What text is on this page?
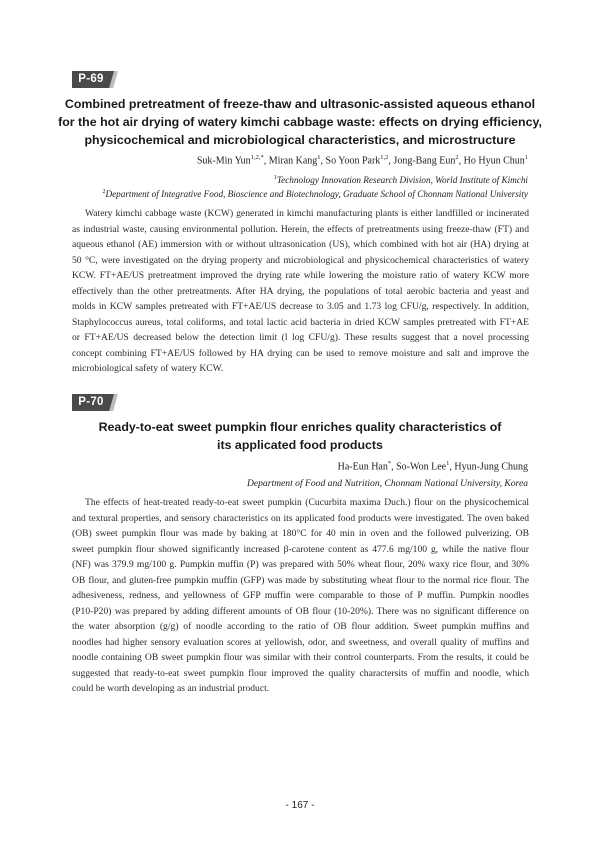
P-69
Combined pretreatment of freeze-thaw and ultrasonic-assisted aqueous ethanol
for the hot air drying of watery kimchi cabbage waste: effects on drying efficiency,
physicochemical and microbiological characteristics, and microstructure
Suk-Min Yun$^{1,2,*}$, Miran Kang$^1$, So Yoon Park$^{1,2}$, Jong-Bang Eun$^2$, Ho Hyun Chun$^1$
$^1$Technology Innovation Research Division, World Institute of Kimchi
$^2$Department of Integrative Food, Bioscience and Biotechnology, Graduate School of Chonnam National University
Watery kimchi cabbage waste (KCW) generated in kimchi manufacturing plants is either landfilled or incinerated
as industrial waste, causing environmental pollution. Herein, the effects of pretreatments using freeze-thaw (FT) and
aqueous ethanol (AE) immersion with or without ultrasonication (US), which combined with hot air (HA) drying at
50 °C, were investigated on the drying property and microbiological and physicochemical characteristics of watery
KCW. FT+AE/US pretreatment improved the drying rate while lowering the moisture ratio of watery KCW more
effectively than the other pretreatments. After HA drying, the populations of total aerobic bacteria and yeast and
molds in KCW samples pretreated with FT+AE/US decrease to 3.05 and 1.73 log CFU/g, respectively. In addition,
Staphylococcus aureus, total coliforms, and total lactic acid bacteria in dried KCW samples pretreated with FT+AE
or FT+AE/US decreased below the detection limit (l log CFU/g). These results suggest that a novel processing
concept combining FT+AE/US followed by HA drying can be used to remove moisture and salt and improve the
microbiological safety of watery KCW.
P-70
Ready-to-eat sweet pumpkin flour enriches quality characteristics of
its applicated food products
Ha-Eun Han*, So-Won Lee$^1$, Hyun-Jung Chung
Department of Food and Nutrition, Chonnam National University, Korea
The effects of heat-treated ready-to-eat sweet pumpkin (Cucurbita maxima Duch.) flour on the physicochemical
and textural properties, and sensory characteristics on its applicated food products were investigated. The oven baked
(OB) sweet pumpkin flour was made by baking at 180°C for 40 min in oven and the followed pulverizing. OB
sweet pumpkin flour showed significantly increased β-carotene content as 477.6 mg/100 g, while the native flour
(NF) was 379.9 mg/100 g. Pumpkin muffin (P) was prepared with 50% wheat flour, 20% waxy rice flour, and 30%
OB flour, and gluten-free pumpkin muffin (GFP) was made by substituting wheat flour to the normal rice flour. The
adhesiveness, redness, and yellowness of GFP muffin were comparable to those of P muffin. Pumpkin noodles
(P10-P20) was prepared by adding different amounts of OB flour (10-20%). There was no significant difference on
the water absorption (g/g) of noodle according to the ratio of OB flour addition. Sweet pumpkin muffins and
noodles had higher sensory evaluation scores at yellowish, odor, and sweetness, and overall quality of muffins and
noodle containing OB sweet pumpkin flour was similar with their control counterparts. From the results, it could be
suggested that ready-to-eat sweet pumpkin flour improved the quality charactersits of muffin and noodle, which
could be worth developing as an industrial product.
- 167 -
